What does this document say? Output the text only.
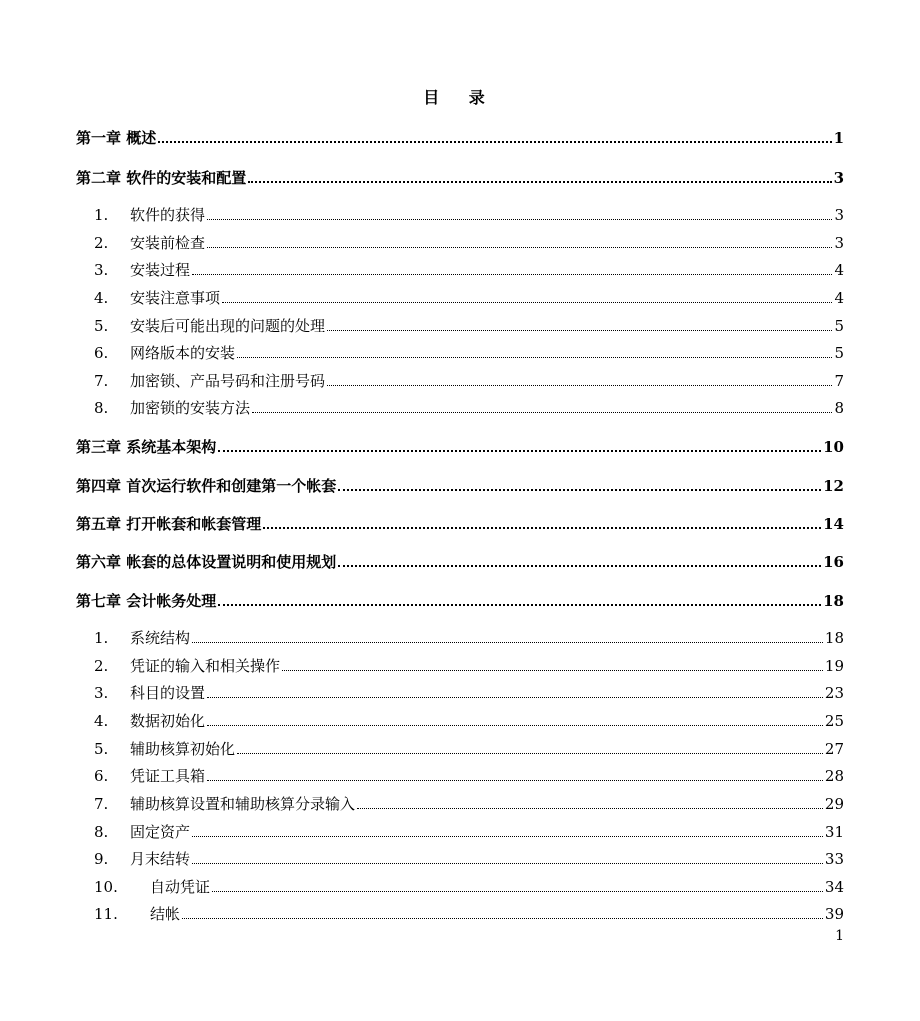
目 录
第一章 概述	1
第二章 软件的安装和配置	3
1.	软件的获得	3
2.	安装前检查	3
3.	安装过程	4
4.	安装注意事项	4
5.	安装后可能出现的问题的处理	5
6.	网络版本的安装	5
7.	加密锁、产品号码和注册号码	7
8.	加密锁的安装方法	8
第三章 系统基本架构	10
第四章 首次运行软件和创建第一个帐套	12
第五章 打开帐套和帐套管理	14
第六章 帐套的总体设置说明和使用规划	16
第七章 会计帐务处理	18
1.	系统结构	18
2.	凭证的输入和相关操作	19
3.	科目的设置	23
4.	数据初始化	25
5.	辅助核算初始化	27
6.	凭证工具箱	28
7.	辅助核算设置和辅助核算分录输入	29
8.	固定资产	31
9.	月末结转	33
10.	自动凭证	34
11.	结帐	39
1
